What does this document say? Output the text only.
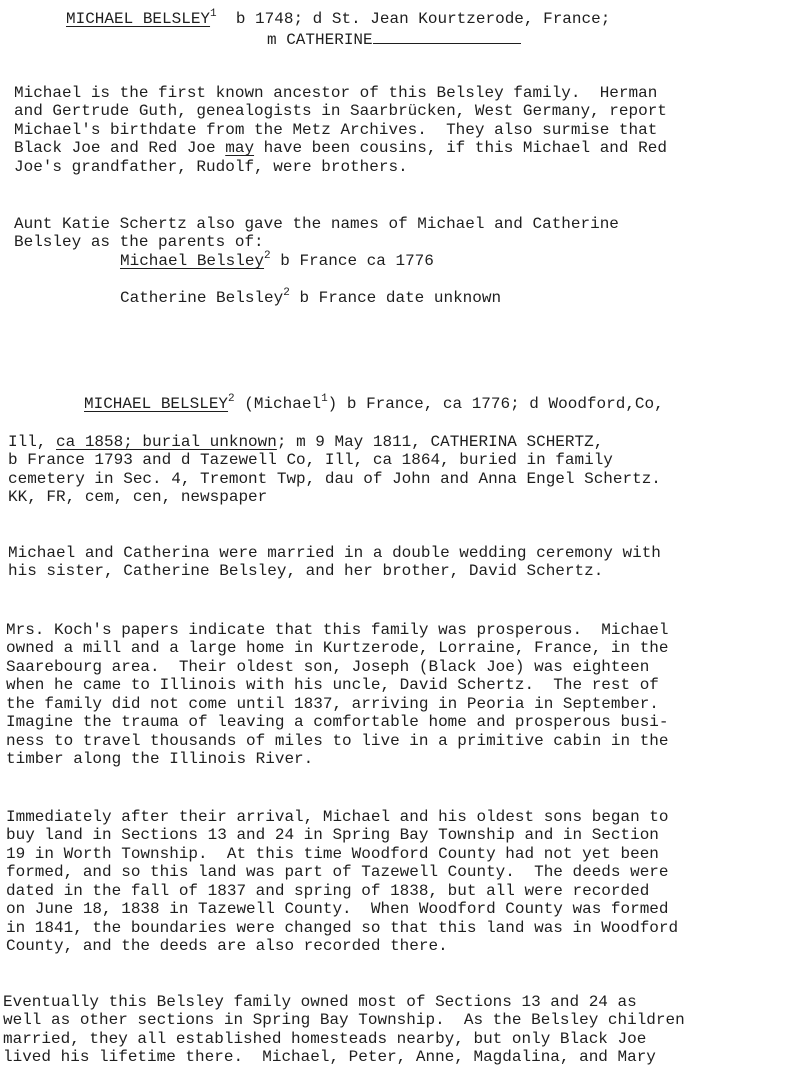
MICHAEL BELSLEY$^1$ b 1748; d St. Jean Kourtzerode, France;
m CATHERINE

Michael is the first known ancestor of this Belsley family.  Herman
and Gertrude Guth, genealogists in Saarbrücken, West Germany, report
Michael's birthdate from the Metz Archives.  They also surmise that
Black Joe and Red Joe may have been cousins, if this Michael and Red
Joe's grandfather, Rudolf, were brothers.

Aunt Katie Schertz also gave the names of Michael and Catherine
Belsley as the parents of:

Michael Belsley$^2$ b France ca 1776
Catherine Belsley$^2$ b France date unknown
MICHAEL BELSLEY$^2$ (Michael$^1$) b France, ca 1776; d Woodford,Co,

Ill, ca 1858; burial unknown; m 9 May 1811, CATHERINA SCHERTZ,
b France 1793 and d Tazewell Co, Ill, ca 1864, buried in family
cemetery in Sec. 4, Tremont Twp, dau of John and Anna Engel Schertz.
KK, FR, cem, cen, newspaper

Michael and Catherina were married in a double wedding ceremony with
his sister, Catherine Belsley, and her brother, David Schertz.

Mrs. Koch's papers indicate that this family was prosperous.  Michael
owned a mill and a large home in Kurtzerode, Lorraine, France, in the
Saarebourg area.  Their oldest son, Joseph (Black Joe) was eighteen
when he came to Illinois with his uncle, David Schertz.  The rest of
the family did not come until 1837, arriving in Peoria in September.
Imagine the trauma of leaving a comfortable home and prosperous busi-
ness to travel thousands of miles to live in a primitive cabin in the
timber along the Illinois River.

Immediately after their arrival, Michael and his oldest sons began to
buy land in Sections 13 and 24 in Spring Bay Township and in Section
19 in Worth Township.  At this time Woodford County had not yet been
formed, and so this land was part of Tazewell County.  The deeds were
dated in the fall of 1837 and spring of 1838, but all were recorded
on June 18, 1838 in Tazewell County.  When Woodford County was formed
in 1841, the boundaries were changed so that this land was in Woodford
County, and the deeds are also recorded there.

Eventually this Belsley family owned most of Sections 13 and 24 as
well as other sections in Spring Bay Township.  As the Belsley children
married, they all established homesteads nearby, but only Black Joe
lived his lifetime there.  Michael, Peter, Anne, Magdalina, and Mary
